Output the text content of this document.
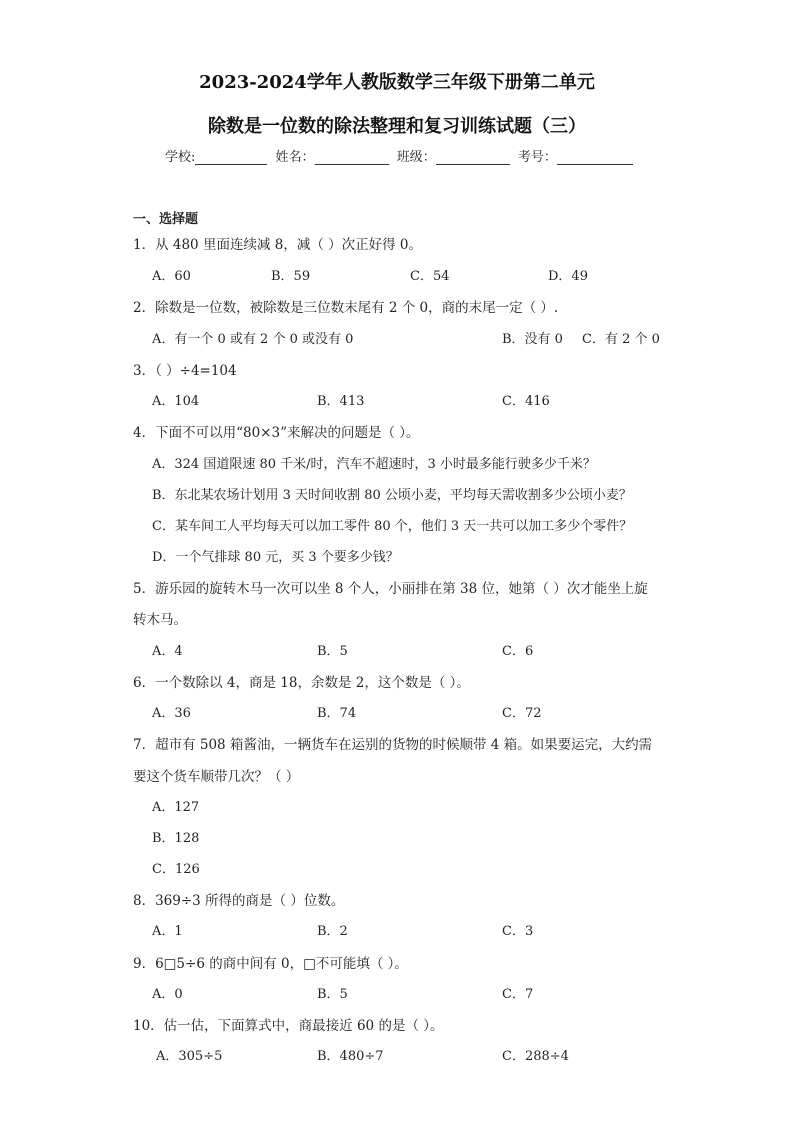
2023-2024学年人教版数学三年级下册第二单元
除数是一位数的除法整理和复习训练试题（三）
学校:	姓名：	班级：	考号：
一、选择题
1．从 480 里面连续减 8，减（ ）次正好得 0。
A．60	B．59	C．54	D．49
2．除数是一位数，被除数是三位数末尾有 2 个 0，商的末尾一定（ ）.
A．有一个 0 或有 2 个 0 或没有 0	B．没有 0 C．有 2 个 0
3．（ ）÷4=104
A．104	B．413	C．416
4．下面不可以用“80×3”来解决的问题是（ ）。
A．324 国道限速 80 千米/时，汽车不超速时，3 小时最多能行驶多少千米？
B．东北某农场计划用 3 天时间收割 80 公顷小麦，平均每天需收割多少公顷小麦？
C．某车间工人平均每天可以加工零件 80 个，他们 3 天一共可以加工多少个零件？
D．一个气排球 80 元，买 3 个要多少钱？
5．游乐园的旋转木马一次可以坐 8 个人，小丽排在第 38 位，她第（ ）次才能坐上旋
转木马。
A．4	B．5	C．6
6．一个数除以 4，商是 18，余数是 2，这个数是（ ）。
A．36	B．74	C．72
7．超市有 508 箱酱油，一辆货车在运别的货物的时候顺带 4 箱。如果要运完，大约需
要这个货车顺带几次？（ ）
A．127
B．128
C．126
8．369÷3 所得的商是（ ）位数。
A．1	B．2	C．3
9．6□5÷6 的商中间有 0，□不可能填（ ）。
A．0	B．5	C．7
10．估一估，下面算式中，商最接近 60 的是（ ）。
A．305÷5	B．480÷7	C．288÷4
